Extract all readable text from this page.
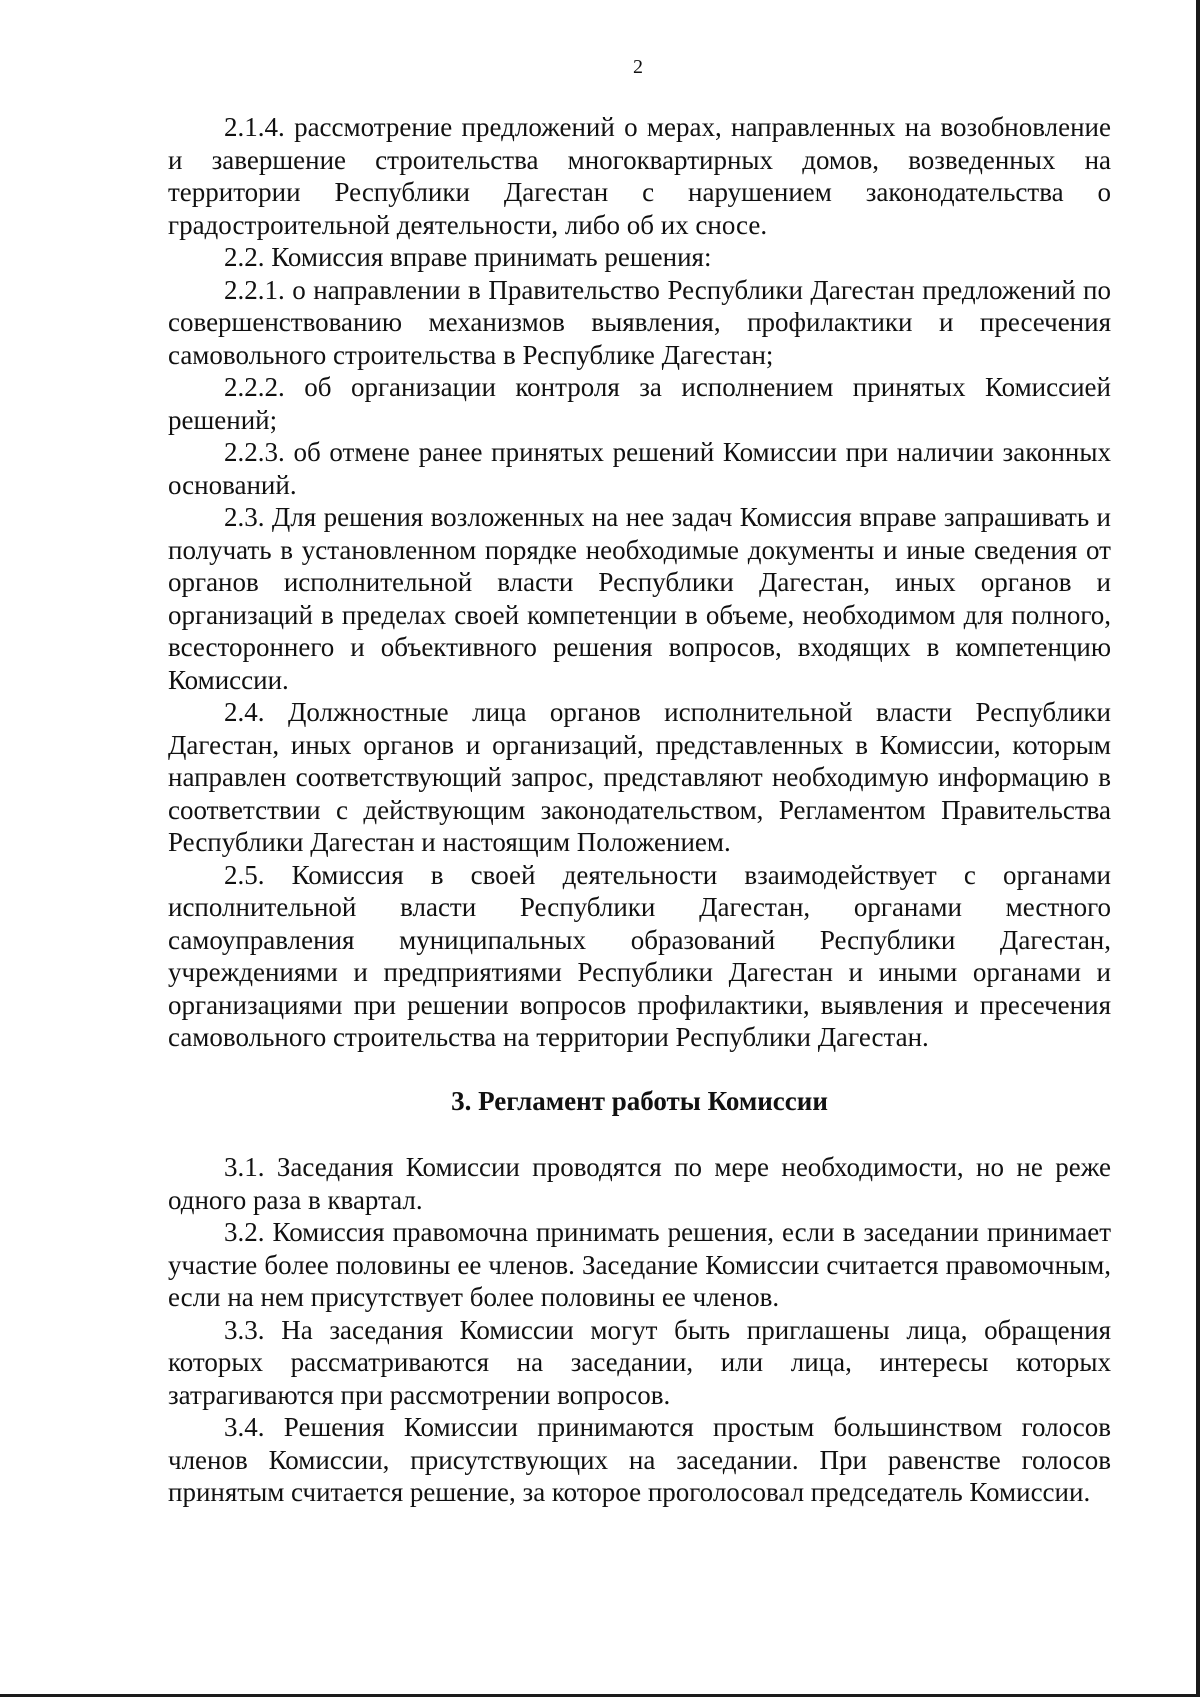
2

2.1.4. рассмотрение предложений о мерах, направленных на возобновление и завершение строительства многоквартирных домов, возведенных на территории Республики Дагестан с нарушением законодательства о градостроительной деятельности, либо об их сносе.

2.2. Комиссия вправе принимать решения:

2.2.1. о направлении в Правительство Республики Дагестан предложений по совершенствованию механизмов выявления, профилактики и пресечения самовольного строительства в Республике Дагестан;

2.2.2. об организации контроля за исполнением принятых Комиссией решений;

2.2.3. об отмене ранее принятых решений Комиссии при наличии законных оснований.

2.3. Для решения возложенных на нее задач Комиссия вправе запрашивать и получать в установленном порядке необходимые документы и иные сведения от органов исполнительной власти Республики Дагестан, иных органов и организаций в пределах своей компетенции в объеме, необходимом для полного, всестороннего и объективного решения вопросов, входящих в компетенцию Комиссии.

2.4. Должностные лица органов исполнительной власти Республики Дагестан, иных органов и организаций, представленных в Комиссии, которым направлен соответствующий запрос, представляют необходимую информацию в соответствии с действующим законодательством, Регламентом Правительства Республики Дагестан и настоящим Положением.

2.5. Комиссия в своей деятельности взаимодействует с органами исполнительной власти Республики Дагестан, органами местного самоуправления муниципальных образований Республики Дагестан, учреждениями и предприятиями Республики Дагестан и иными органами и организациями при решении вопросов профилактики, выявления и пресечения самовольного строительства на территории Республики Дагестан.

3. Регламент работы Комиссии

3.1. Заседания Комиссии проводятся по мере необходимости, но не реже одного раза в квартал.

3.2. Комиссия правомочна принимать решения, если в заседании принимает участие более половины ее членов. Заседание Комиссии считается правомочным, если на нем присутствует более половины ее членов.

3.3. На заседания Комиссии могут быть приглашены лица, обращения которых рассматриваются на заседании, или лица, интересы которых затрагиваются при рассмотрении вопросов.

3.4. Решения Комиссии принимаются простым большинством голосов членов Комиссии, присутствующих на заседании. При равенстве голосов принятым считается решение, за которое проголосовал председатель Комиссии.
